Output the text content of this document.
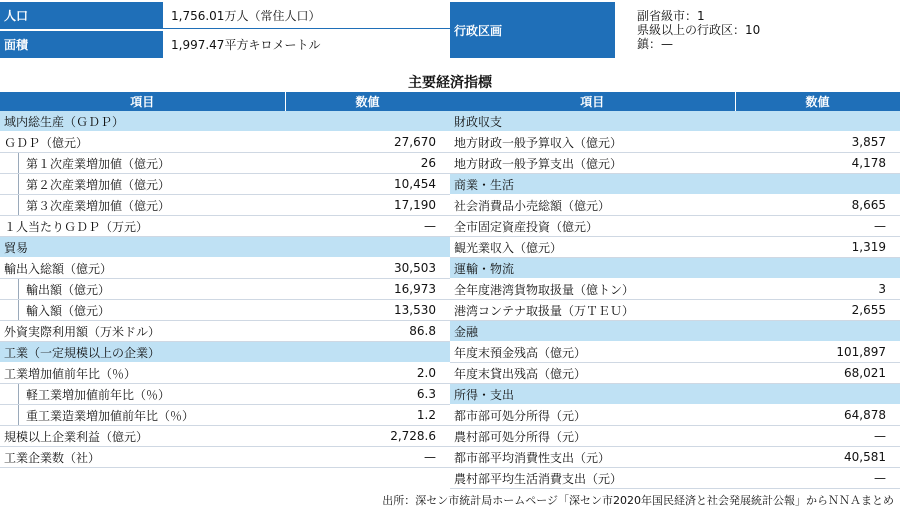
人口	1,756.01万人（常住人口）
面積	1,997.47平方キロメートル
行政区画
副省級市：1
県級以上の行政区：10
鎮：—
主要経済指標
項目	数値
域内総生産（ＧＤＰ）	
ＧＤＰ（億元）	27,670
第１次産業増加値（億元）	26
第２次産業増加値（億元）	10,454
第３次産業増加値（億元）	17,190
１人当たりＧＤＰ（万元）	—
貿易	
輸出入総額（億元）	30,503
輸出額（億元）	16,973
輸入額（億元）	13,530
外資実際利用額（万米ドル）	86.8
工業（一定規模以上の企業）	
工業増加値前年比（％）	2.0
軽工業増加値前年比（％）	6.3
重工業造業増加値前年比（％）	1.2
規模以上企業利益（億元）	2,728.6
工業企業数（社）	—
項目	数値
財政収支	
地方財政一般予算収入（億元）	3,857
地方財政一般予算支出（億元）	4,178
商業・生活	
社会消費品小売総額（億元）	8,665
全市固定資産投資（億元）	—
観光業収入（億元）	1,319
運輸・物流	
全年度港湾貨物取扱量（億トン）	3
港湾コンテナ取扱量（万ＴＥＵ）	2,655
金融	
年度末預金残高（億元）	101,897
年度末貸出残高（億元）	68,021
所得・支出	
都市部可処分所得（元）	64,878
農村部可処分所得（元）	—
都市部平均消費性支出（元）	40,581
農村部平均生活消費支出（元）	—
出所：深セン市統計局ホームページ「深セン市2020年国民経済と社会発展統計公報」からＮＮＡまとめ
